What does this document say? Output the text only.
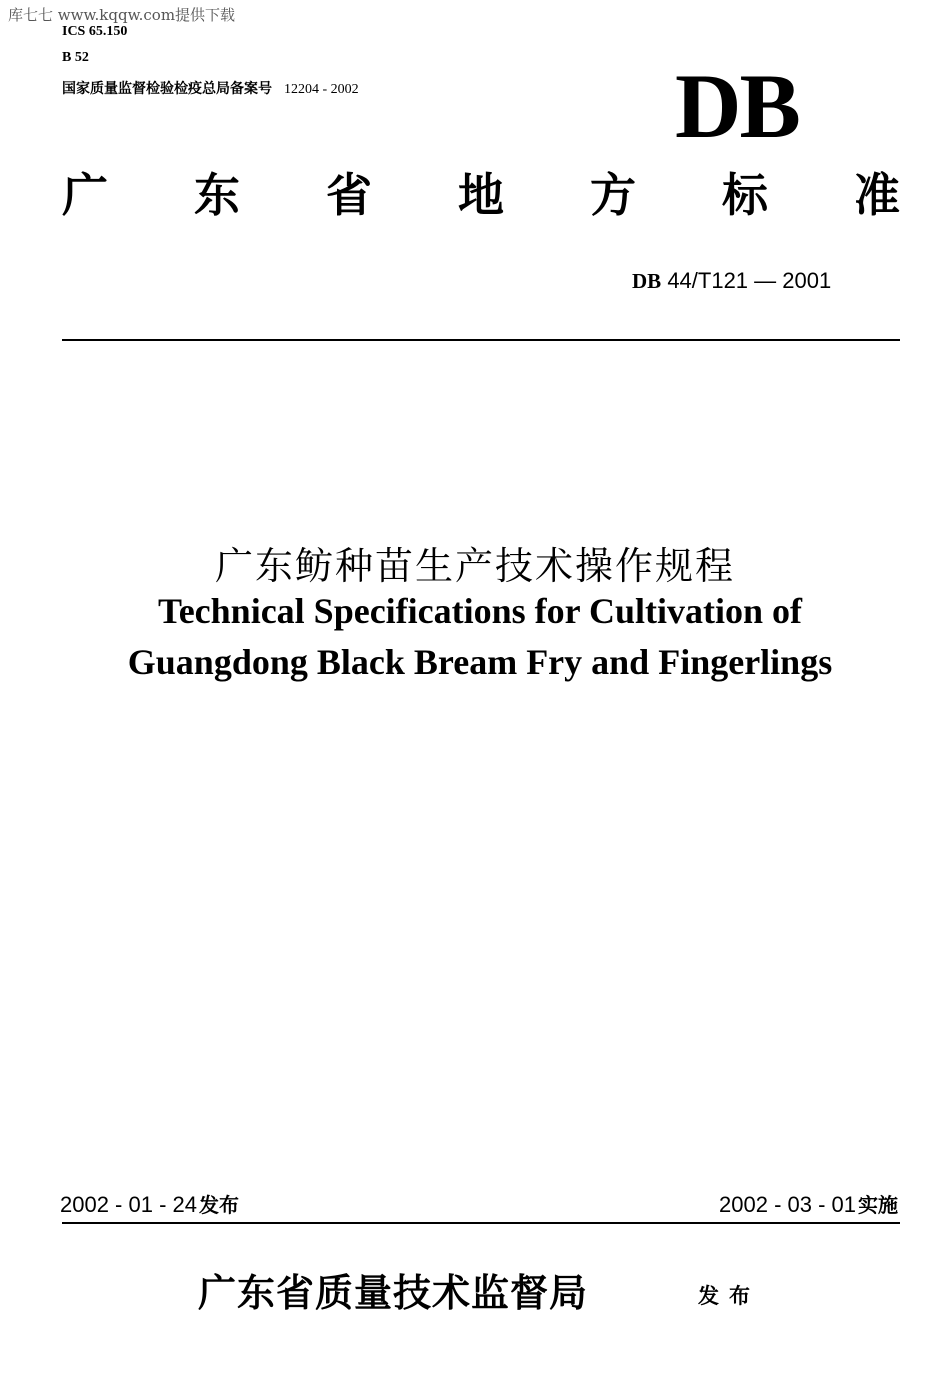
库七七 www.kqqw.com提供下载
ICS 65.150
B 52
国家质量监督检验检疫总局备案号 12204 - 2002	DB
广 东 省 地 方 标 准
DB 44/T121 — 2001
广东鲂种苗生产技术操作规程
Technical Specifications for Cultivation of
Guangdong Black Bream Fry and Fingerlings
2002 - 01 - 24 发布	2002 - 03 - 01 实施
广东省质量技术监督局	发布
